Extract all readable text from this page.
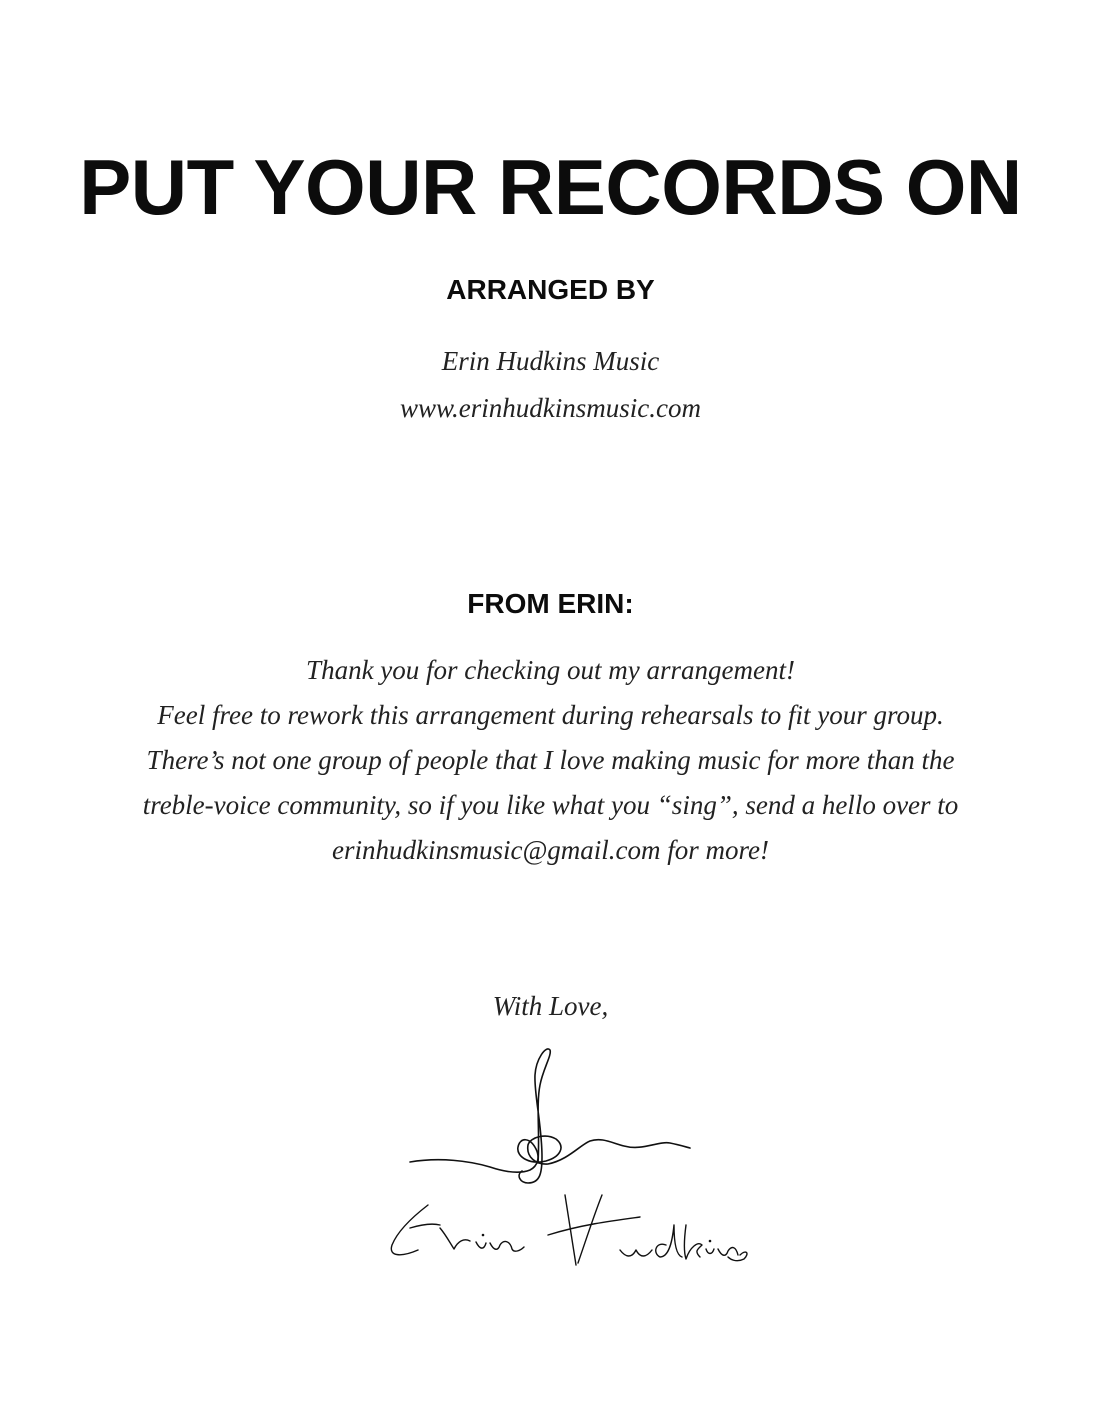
PUT YOUR RECORDS ON
ARRANGED BY
Erin Hudkins Music
www.erinhudkinsmusic.com
FROM ERIN:
Thank you for checking out my arrangement!
Feel free to rework this arrangement during rehearsals to fit your group.
There’s not one group of people that I love making music for more than the
treble-voice community, so if you like what you “sing”, send a hello over to
erinhudkinsmusic@gmail.com for more!
With Love,
